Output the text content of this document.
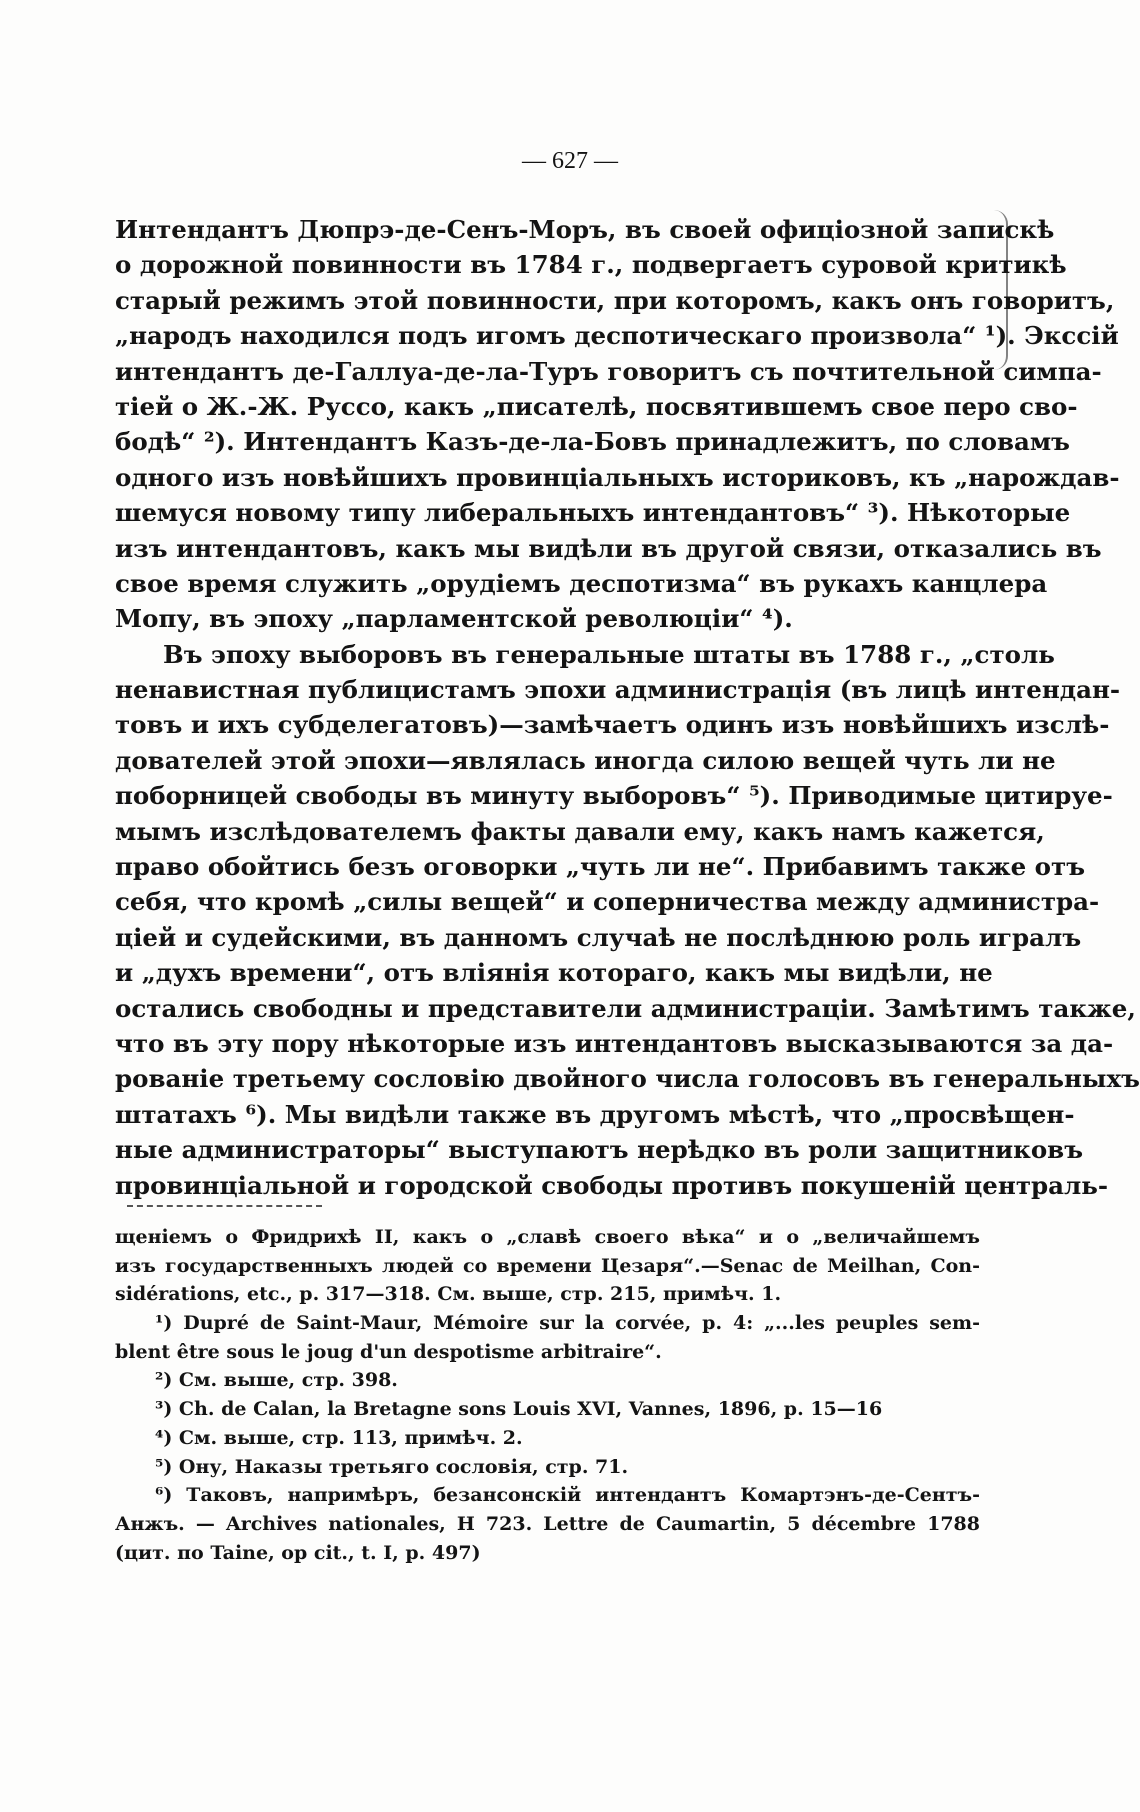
— 627 —
Интендантъ Дюпрэ-де-Сенъ-Моръ, въ своей офиціозной запискѣ
о дорожной повинности въ 1784 г., подвергаетъ суровой критикѣ
старый режимъ этой повинности, при которомъ, какъ онъ говоритъ,
„народъ находился подъ игомъ деспотическаго произвола“ ¹). Экссій
интендантъ де-Галлуа-де-ла-Туръ говоритъ съ почтительной симпа-
тіей о Ж.-Ж. Руссо, какъ „писателѣ, посвятившемъ свое перо сво-
бодѣ“ ²). Интендантъ Казъ-де-ла-Бовъ принадлежитъ, по словамъ
одного изъ новѣйшихъ провинціальныхъ историковъ, къ „нарождав-
шемуся новому типу либеральныхъ интендантовъ“ ³). Нѣкоторые
изъ интендантовъ, какъ мы видѣли въ другой связи, отказались въ
свое время служить „орудіемъ деспотизма“ въ рукахъ канцлера
Мопу, въ эпоху „парламентской революціи“ ⁴).
Въ эпоху выборовъ въ генеральные штаты въ 1788 г., „столь
ненавистная публицистамъ эпохи администрація (въ лицѣ интендан-
товъ и ихъ субделегатовъ)—замѣчаетъ одинъ изъ новѣйшихъ изслѣ-
дователей этой эпохи—являлась иногда силою вещей чуть ли не
поборницей свободы въ минуту выборовъ“ ⁵). Приводимые цитируе-
мымъ изслѣдователемъ факты давали ему, какъ намъ кажется,
право обойтись безъ оговорки „чуть ли не“. Прибавимъ также отъ
себя, что кромѣ „силы вещей“ и соперничества между администра-
ціей и судейскими, въ данномъ случаѣ не послѣднюю роль игралъ
и „духъ времени“, отъ вліянія котораго, какъ мы видѣли, не
остались свободны и представители администраціи. Замѣтимъ также,
что въ эту пору нѣкоторые изъ интендантовъ высказываются за да-
рованіе третьему сословію двойного числа голосовъ въ генеральныхъ
штатахъ ⁶). Мы видѣли также въ другомъ мѣстѣ, что „просвѣщен-
ные администраторы“ выступаютъ нерѣдко въ роли защитниковъ
провинціальной и городской свободы противъ покушеній централь-
щеніемъ о Фридрихѣ II, какъ о „славѣ своего вѣка“ и о „величайшемъ
изъ государственныхъ людей со времени Цезаря“.—Senac de Meilhan, Con-
sidérations, etc., p. 317—318. См. выше, стр. 215, примѣч. 1.
¹) Dupré de Saint-Maur, Mémoire sur la corvée, p. 4: „...les peuples sem-
blent être sous le joug d'un despotisme arbitraire“.
²) См. выше, стр. 398.
³) Ch. de Calan, la Bretagne sons Louis XVI, Vannes, 1896, p. 15—16
⁴) См. выше, стр. 113, примѣч. 2.
⁵) Ону, Наказы третьяго сословія, стр. 71.
⁶) Таковъ, напримѣръ, безансонскій интендантъ Комартэнъ-де-Сентъ-
Анжъ. — Archives nationales, H 723. Lettre de Caumartin, 5 décembre 1788
(цит. по Taine, op cit., t. I, p. 497)
